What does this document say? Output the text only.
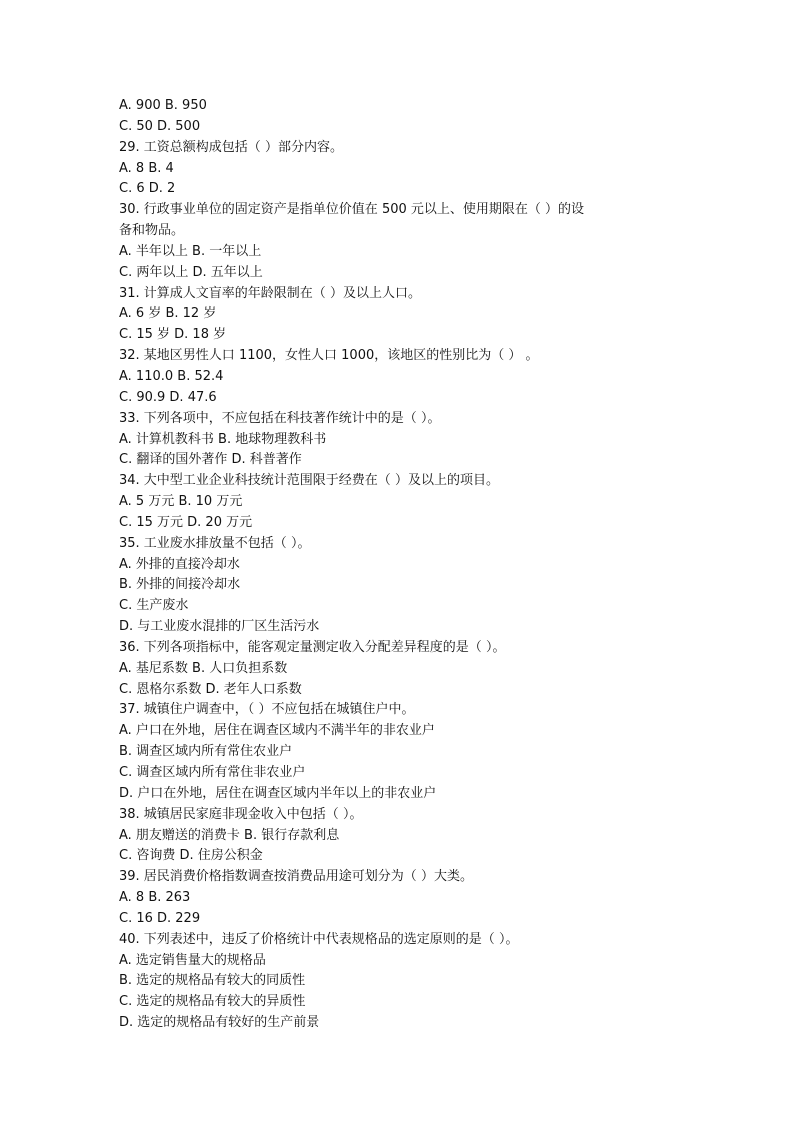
A. 900 B. 950
C. 50 D. 500
29. 工资总额构成包括（ ）部分内容。
A. 8 B. 4
C. 6 D. 2
30. 行政事业单位的固定资产是指单位价值在 500 元以上、使用期限在（ ）的设
备和物品。
A. 半年以上 B. 一年以上
C. 两年以上 D. 五年以上
31. 计算成人文盲率的年龄限制在（ ）及以上人口。
A. 6 岁 B. 12 岁
C. 15 岁 D. 18 岁
32. 某地区男性人口 1100，女性人口 1000，该地区的性别比为（ ） 。
A. 110.0 B. 52.4
C. 90.9 D. 47.6
33. 下列各项中，不应包括在科技著作统计中的是（ ）。
A. 计算机教科书 B. 地球物理教科书
C. 翻译的国外著作 D. 科普著作
34. 大中型工业企业科技统计范围限于经费在（ ）及以上的项目。
A. 5 万元 B. 10 万元
C. 15 万元 D. 20 万元
35. 工业废水排放量不包括（ ）。
A. 外排的直接冷却水
B. 外排的间接冷却水
C. 生产废水
D. 与工业废水混排的厂区生活污水
36. 下列各项指标中，能客观定量测定收入分配差异程度的是（ ）。
A. 基尼系数 B. 人口负担系数
C. 恩格尔系数 D. 老年人口系数
37. 城镇住户调查中，（ ）不应包括在城镇住户中。
A. 户口在外地，居住在调查区域内不满半年的非农业户
B. 调查区域内所有常住农业户
C. 调查区域内所有常住非农业户
D. 户口在外地，居住在调查区域内半年以上的非农业户
38. 城镇居民家庭非现金收入中包括（ ）。
A. 朋友赠送的消费卡 B. 银行存款利息
C. 咨询费 D. 住房公积金
39. 居民消费价格指数调查按消费品用途可划分为（ ）大类。
A. 8 B. 263
C. 16 D. 229
40. 下列表述中，违反了价格统计中代表规格品的选定原则的是（ ）。
A. 选定销售量大的规格品
B. 选定的规格品有较大的同质性
C. 选定的规格品有较大的异质性
D. 选定的规格品有较好的生产前景
